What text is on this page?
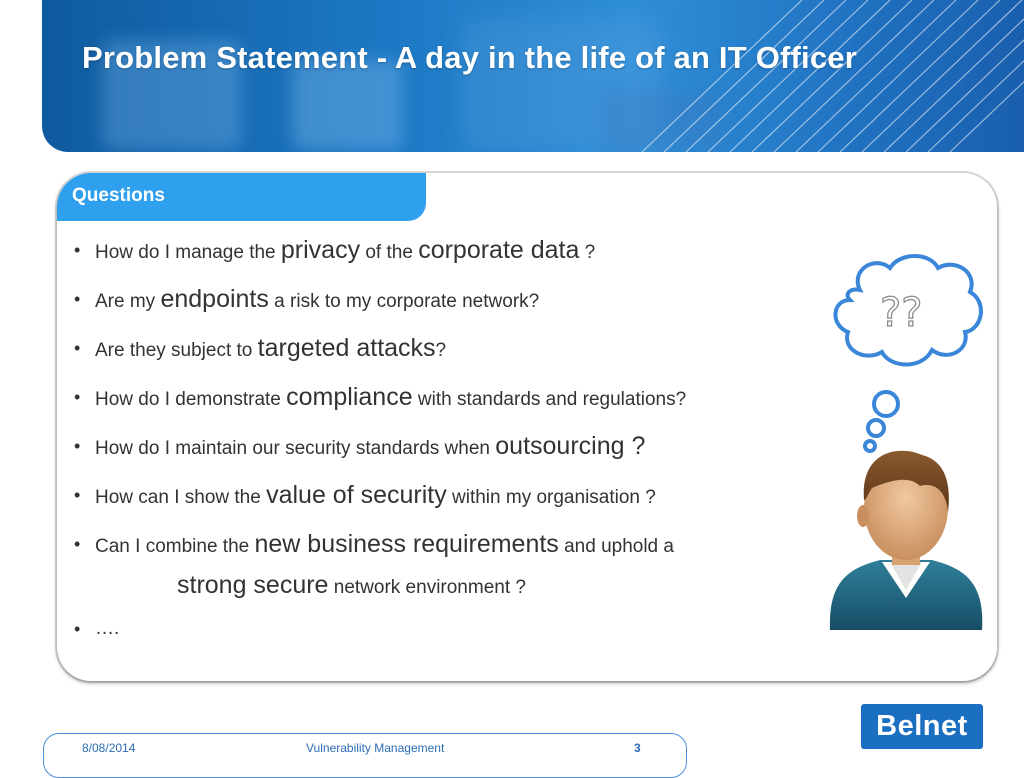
Problem Statement - A day in the life of an IT Officer
Questions
• How do I manage the privacy of the corporate data ?
• Are my endpoints a risk to my corporate network?
• Are they subject to targeted attacks?
• How do I demonstrate compliance with standards and regulations?
• How do I maintain our security standards when outsourcing ?
• How can I show the value of security within my organisation ?
• Can I combine the new business requirements and uphold a
strong secure network environment ?
• ….
??
8/08/2014	Vulnerability Management	3
Belnet
